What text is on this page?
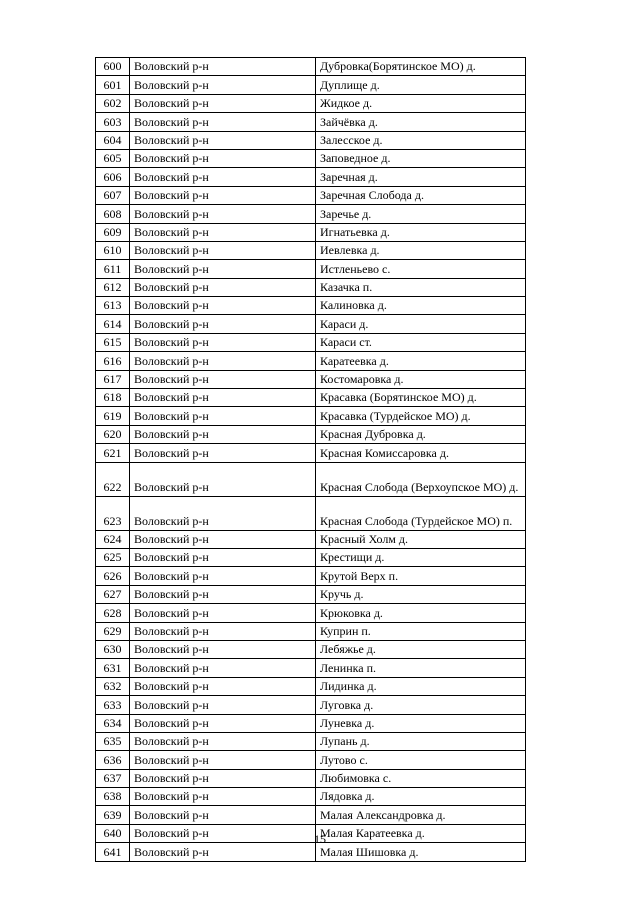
600	Воловский р-н	Дубровка(Борятинское МО) д.
601	Воловский р-н	Дуплище д.
602	Воловский р-н	Жидкое д.
603	Воловский р-н	Зайчёвка д.
604	Воловский р-н	Залесское д.
605	Воловский р-н	Заповедное д.
606	Воловский р-н	Заречная д.
607	Воловский р-н	Заречная Слобода д.
608	Воловский р-н	Заречье д.
609	Воловский р-н	Игнатьевка д.
610	Воловский р-н	Иевлевка д.
611	Воловский р-н	Истленьево с.
612	Воловский р-н	Казачка п.
613	Воловский р-н	Калиновка д.
614	Воловский р-н	Караси д.
615	Воловский р-н	Караси ст.
616	Воловский р-н	Каратеевка д.
617	Воловский р-н	Костомаровка д.
618	Воловский р-н	Красавка (Борятинское МО) д.
619	Воловский р-н	Красавка (Турдейское МО) д.
620	Воловский р-н	Красная Дубровка д.
621	Воловский р-н	Красная Комиссаровка д.
622	Воловский р-н	Красная Слобода (Верхоупское МО) д.
623	Воловский р-н	Красная Слобода (Турдейское МО) п.
624	Воловский р-н	Красный Холм д.
625	Воловский р-н	Крестищи д.
626	Воловский р-н	Крутой Верх п.
627	Воловский р-н	Кручь д.
628	Воловский р-н	Крюковка д.
629	Воловский р-н	Куприн п.
630	Воловский р-н	Лебяжье д.
631	Воловский р-н	Ленинка п.
632	Воловский р-н	Лидинка д.
633	Воловский р-н	Луговка д.
634	Воловский р-н	Луневка д.
635	Воловский р-н	Лупань д.
636	Воловский р-н	Лутово с.
637	Воловский р-н	Любимовка с.
638	Воловский р-н	Лядовка д.
639	Воловский р-н	Малая Александровка д.
640	Воловский р-н	Малая Каратеевка д.
641	Воловский р-н	Малая Шишовка д.
15
